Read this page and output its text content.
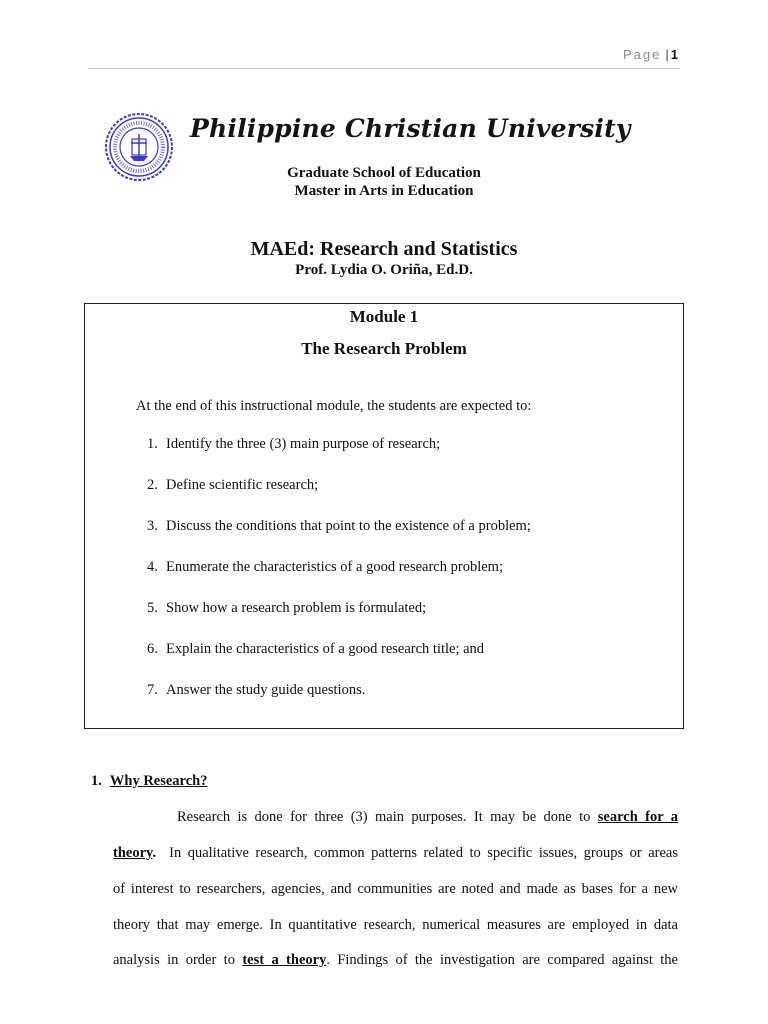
Page | 1
Philippine Christian University
Graduate School of Education
Master in Arts in Education
MAEd: Research and Statistics
Prof. Lydia O. Oriña, Ed.D.
Module 1
The Research Problem
At the end of this instructional module, the students are expected to:
1. Identify the three (3) main purpose of research;
2. Define scientific research;
3. Discuss the conditions that point to the existence of a problem;
4. Enumerate the characteristics of a good research problem;
5. Show how a research problem is formulated;
6. Explain the characteristics of a good research title; and
7. Answer the study guide questions.
1. Why Research?
Research is done for three (3) main purposes. It may be done to search for a
theory. In qualitative research, common patterns related to specific issues, groups or areas
of interest to researchers, agencies, and communities are noted and made as bases for a new
theory that may emerge. In quantitative research, numerical measures are employed in data
analysis in order to test a theory. Findings of the investigation are compared against the
